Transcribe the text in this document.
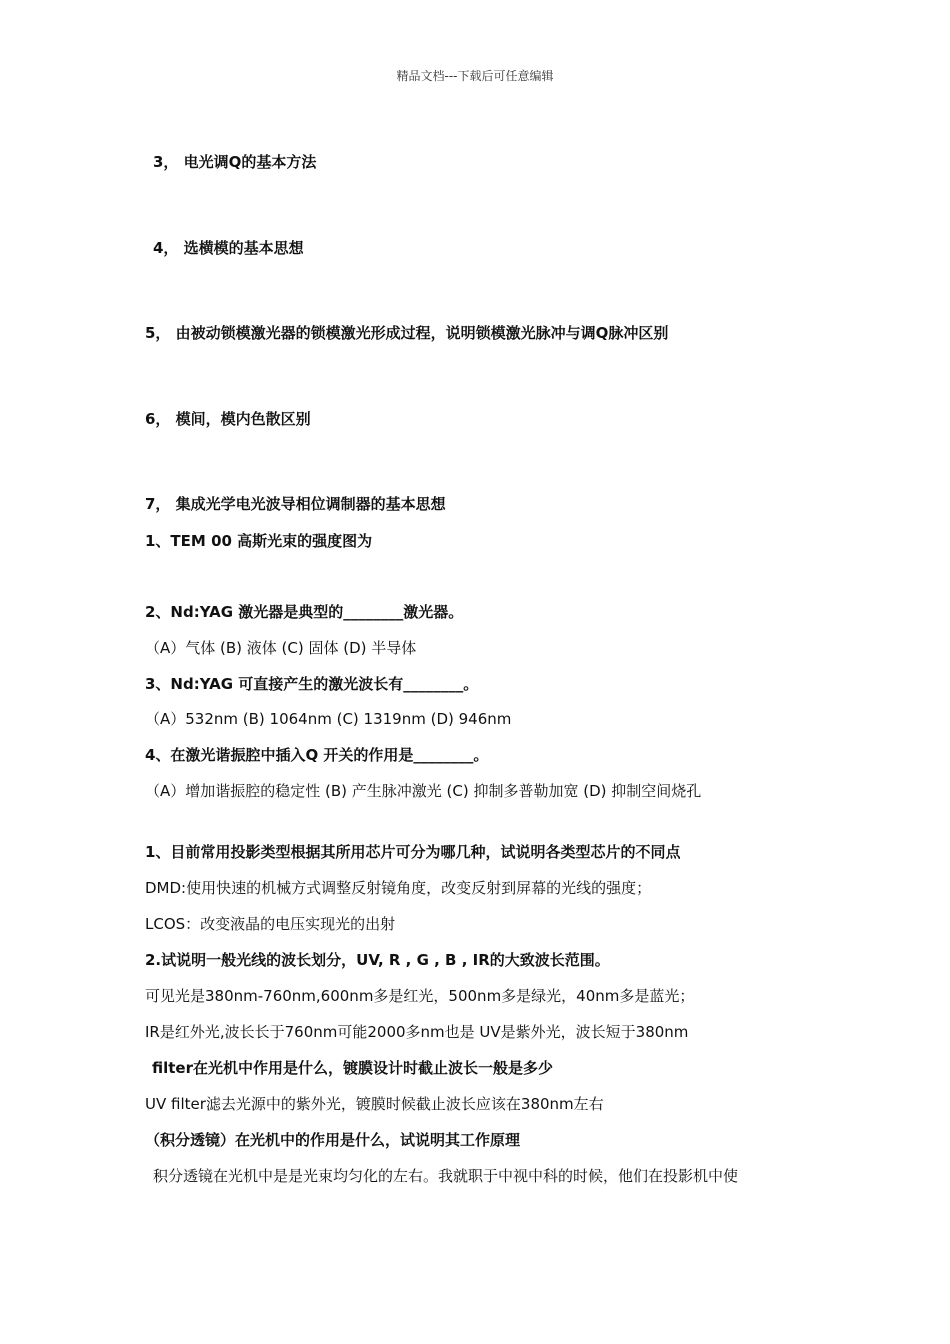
精品文档---下载后可任意编辑
3， 电光调Q的基本方法
4， 选横模的基本思想
5， 由被动锁模激光器的锁模激光形成过程，说明锁模激光脉冲与调Q脉冲区别
6， 模间，模内色散区别
7， 集成光学电光波导相位调制器的基本思想
1、TEM 00 高斯光束的强度图为
2、Nd:YAG 激光器是典型的________激光器。
（A）气体 (B) 液体 (C) 固体 (D) 半导体
3、Nd:YAG 可直接产生的激光波长有________。
（A）532nm (B) 1064nm (C) 1319nm (D) 946nm
4、在激光谐振腔中插入Q 开关的作用是________。
（A）增加谐振腔的稳定性 (B) 产生脉冲激光 (C) 抑制多普勒加宽 (D) 抑制空间烧孔
1、目前常用投影类型根据其所用芯片可分为哪几种，试说明各类型芯片的不同点
DMD:使用快速的机械方式调整反射镜角度，改变反射到屏幕的光线的强度；
LCOS：改变液晶的电压实现光的出射
2.试说明一般光线的波长划分，UV, R , G , B , IR的大致波长范围。
可见光是380nm-760nm,600nm多是红光，500nm多是绿光，40nm多是蓝光；
IR是红外光,波长长于760nm可能2000多nm也是 UV是紫外光，波长短于380nm
filter在光机中作用是什么，镀膜设计时截止波长一般是多少
UV filter滤去光源中的紫外光，镀膜时候截止波长应该在380nm左右
（积分透镜）在光机中的作用是什么，试说明其工作原理
积分透镜在光机中是是光束均匀化的左右。我就职于中视中科的时候，他们在投影机中使
